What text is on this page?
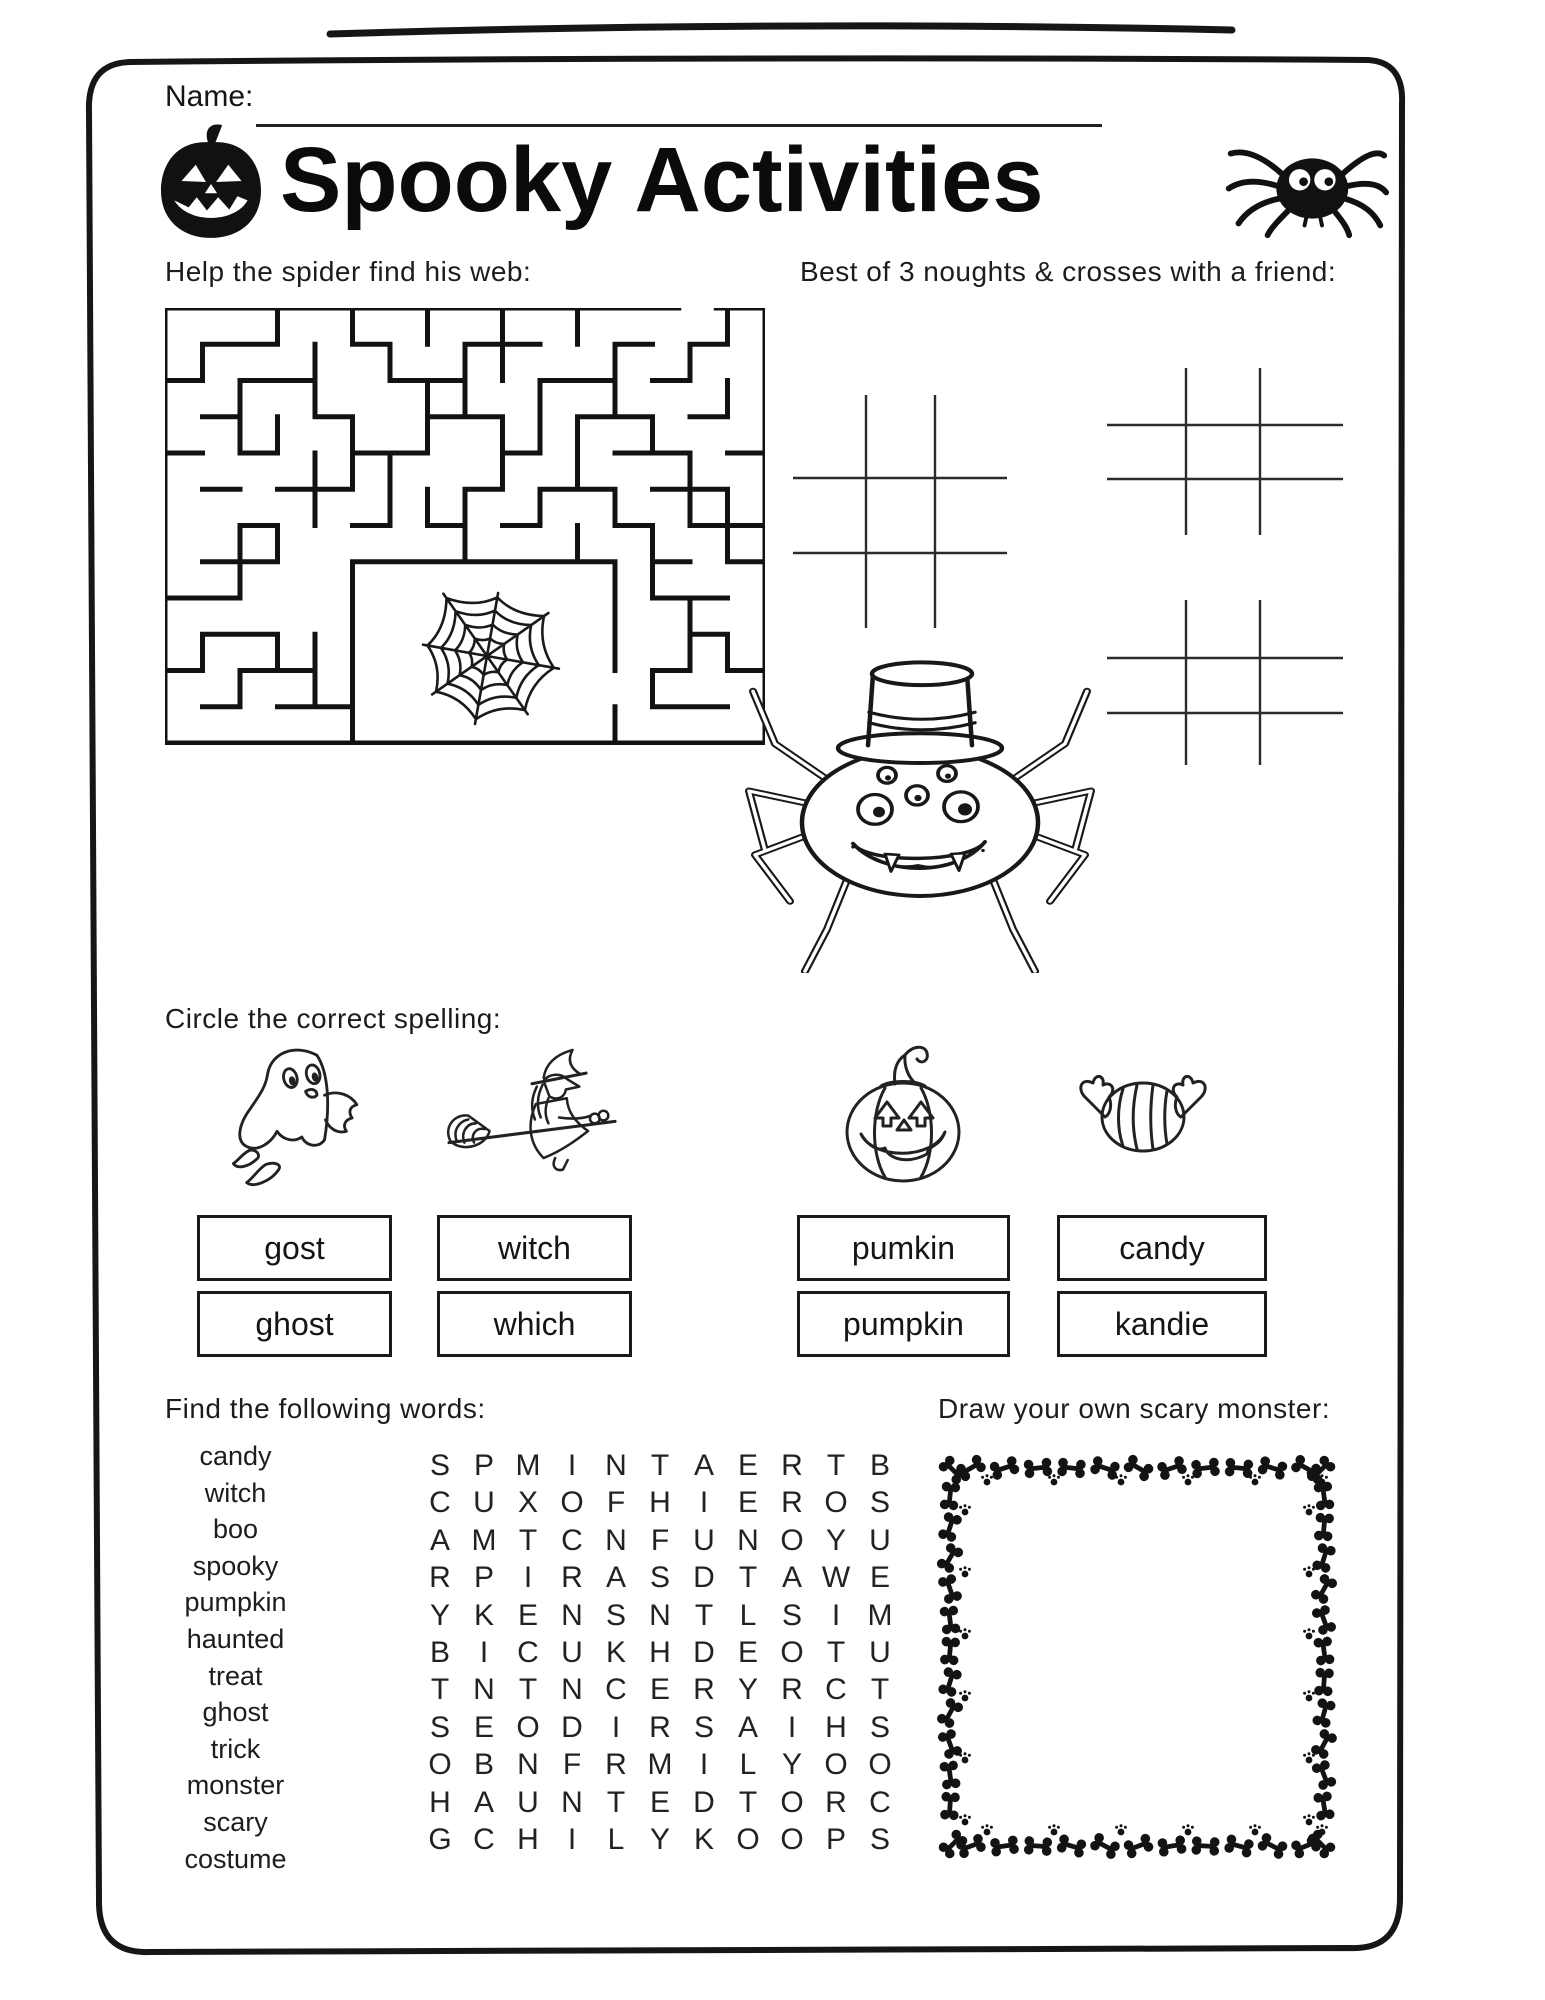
Name:
Spooky Activities
Help the spider find his web:	Best of 3 noughts & crosses with a friend:
Circle the correct spelling:
gost
ghost
witch
which
pumkin
pumpkin
candy
kandie
Find the following words:
candy
witch
boo
spooky
pumpkin
haunted
treat
ghost
trick
monster
scary
costume
S P M I N T A E R T B
C U X O F H I E R O S
A M T C N F U N O Y U
R P I R A S D T A W E
Y K E N S N T L S I M
B I C U K H D E O T U
T N T N C E R Y R C T
S E O D I R S A I H S
O B N F R M I	L Y O O
H A U N T E D T O R C
G C H I	L Y K O O P S
Draw your own scary monster:
